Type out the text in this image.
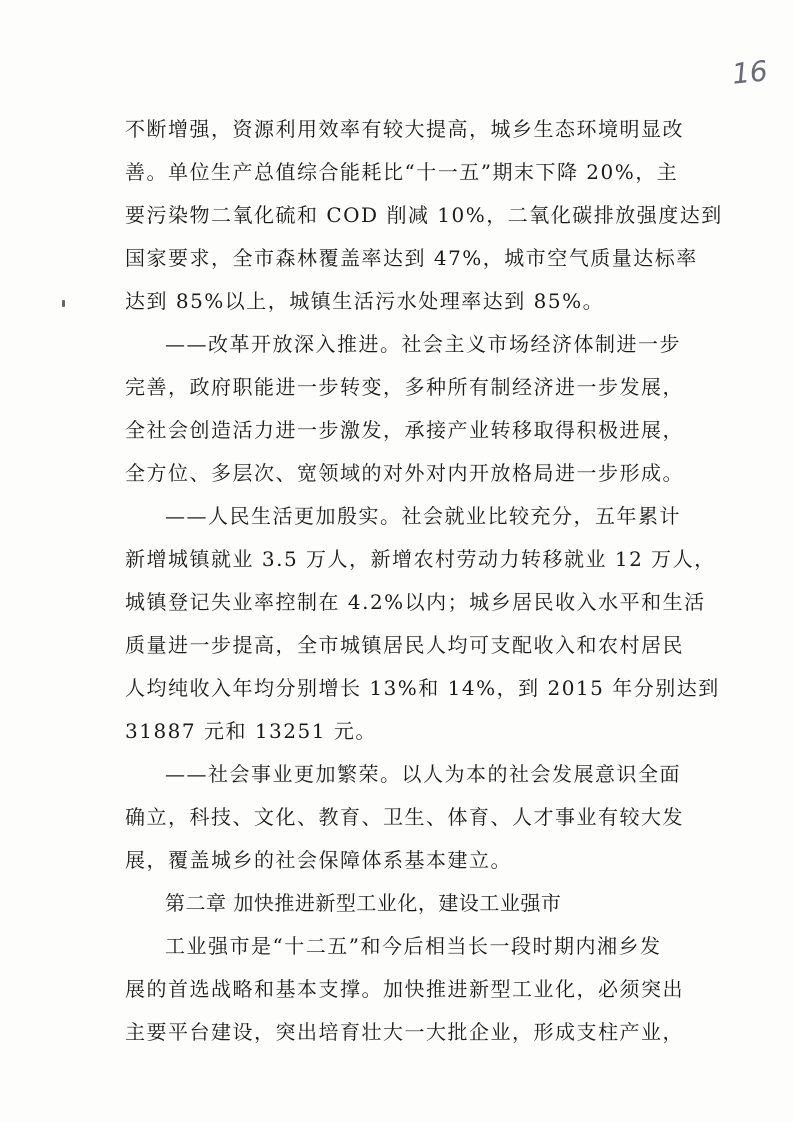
16
不断增强，资源利用效率有较大提高，城乡生态环境明显改
善。单位生产总值综合能耗比“十一五”期末下降 20%，主
要污染物二氧化硫和 COD 削减 10%，二氧化碳排放强度达到
国家要求，全市森林覆盖率达到 47%，城市空气质量达标率
达到 85%以上，城镇生活污水处理率达到 85%。
——改革开放深入推进。社会主义市场经济体制进一步
完善，政府职能进一步转变，多种所有制经济进一步发展，
全社会创造活力进一步激发，承接产业转移取得积极进展，
全方位、多层次、宽领域的对外对内开放格局进一步形成。
——人民生活更加殷实。社会就业比较充分，五年累计
新增城镇就业 3.5 万人，新增农村劳动力转移就业 12 万人，
城镇登记失业率控制在 4.2%以内；城乡居民收入水平和生活
质量进一步提高，全市城镇居民人均可支配收入和农村居民
人均纯收入年均分别增长 13%和 14%，到 2015 年分别达到
31887 元和 13251 元。
——社会事业更加繁荣。以人为本的社会发展意识全面
确立，科技、文化、教育、卫生、体育、人才事业有较大发
展，覆盖城乡的社会保障体系基本建立。
第二章 加快推进新型工业化，建设工业强市
工业强市是“十二五”和今后相当长一段时期内湘乡发
展的首选战略和基本支撑。加快推进新型工业化，必须突出
主要平台建设，突出培育壮大一大批企业，形成支柱产业，
